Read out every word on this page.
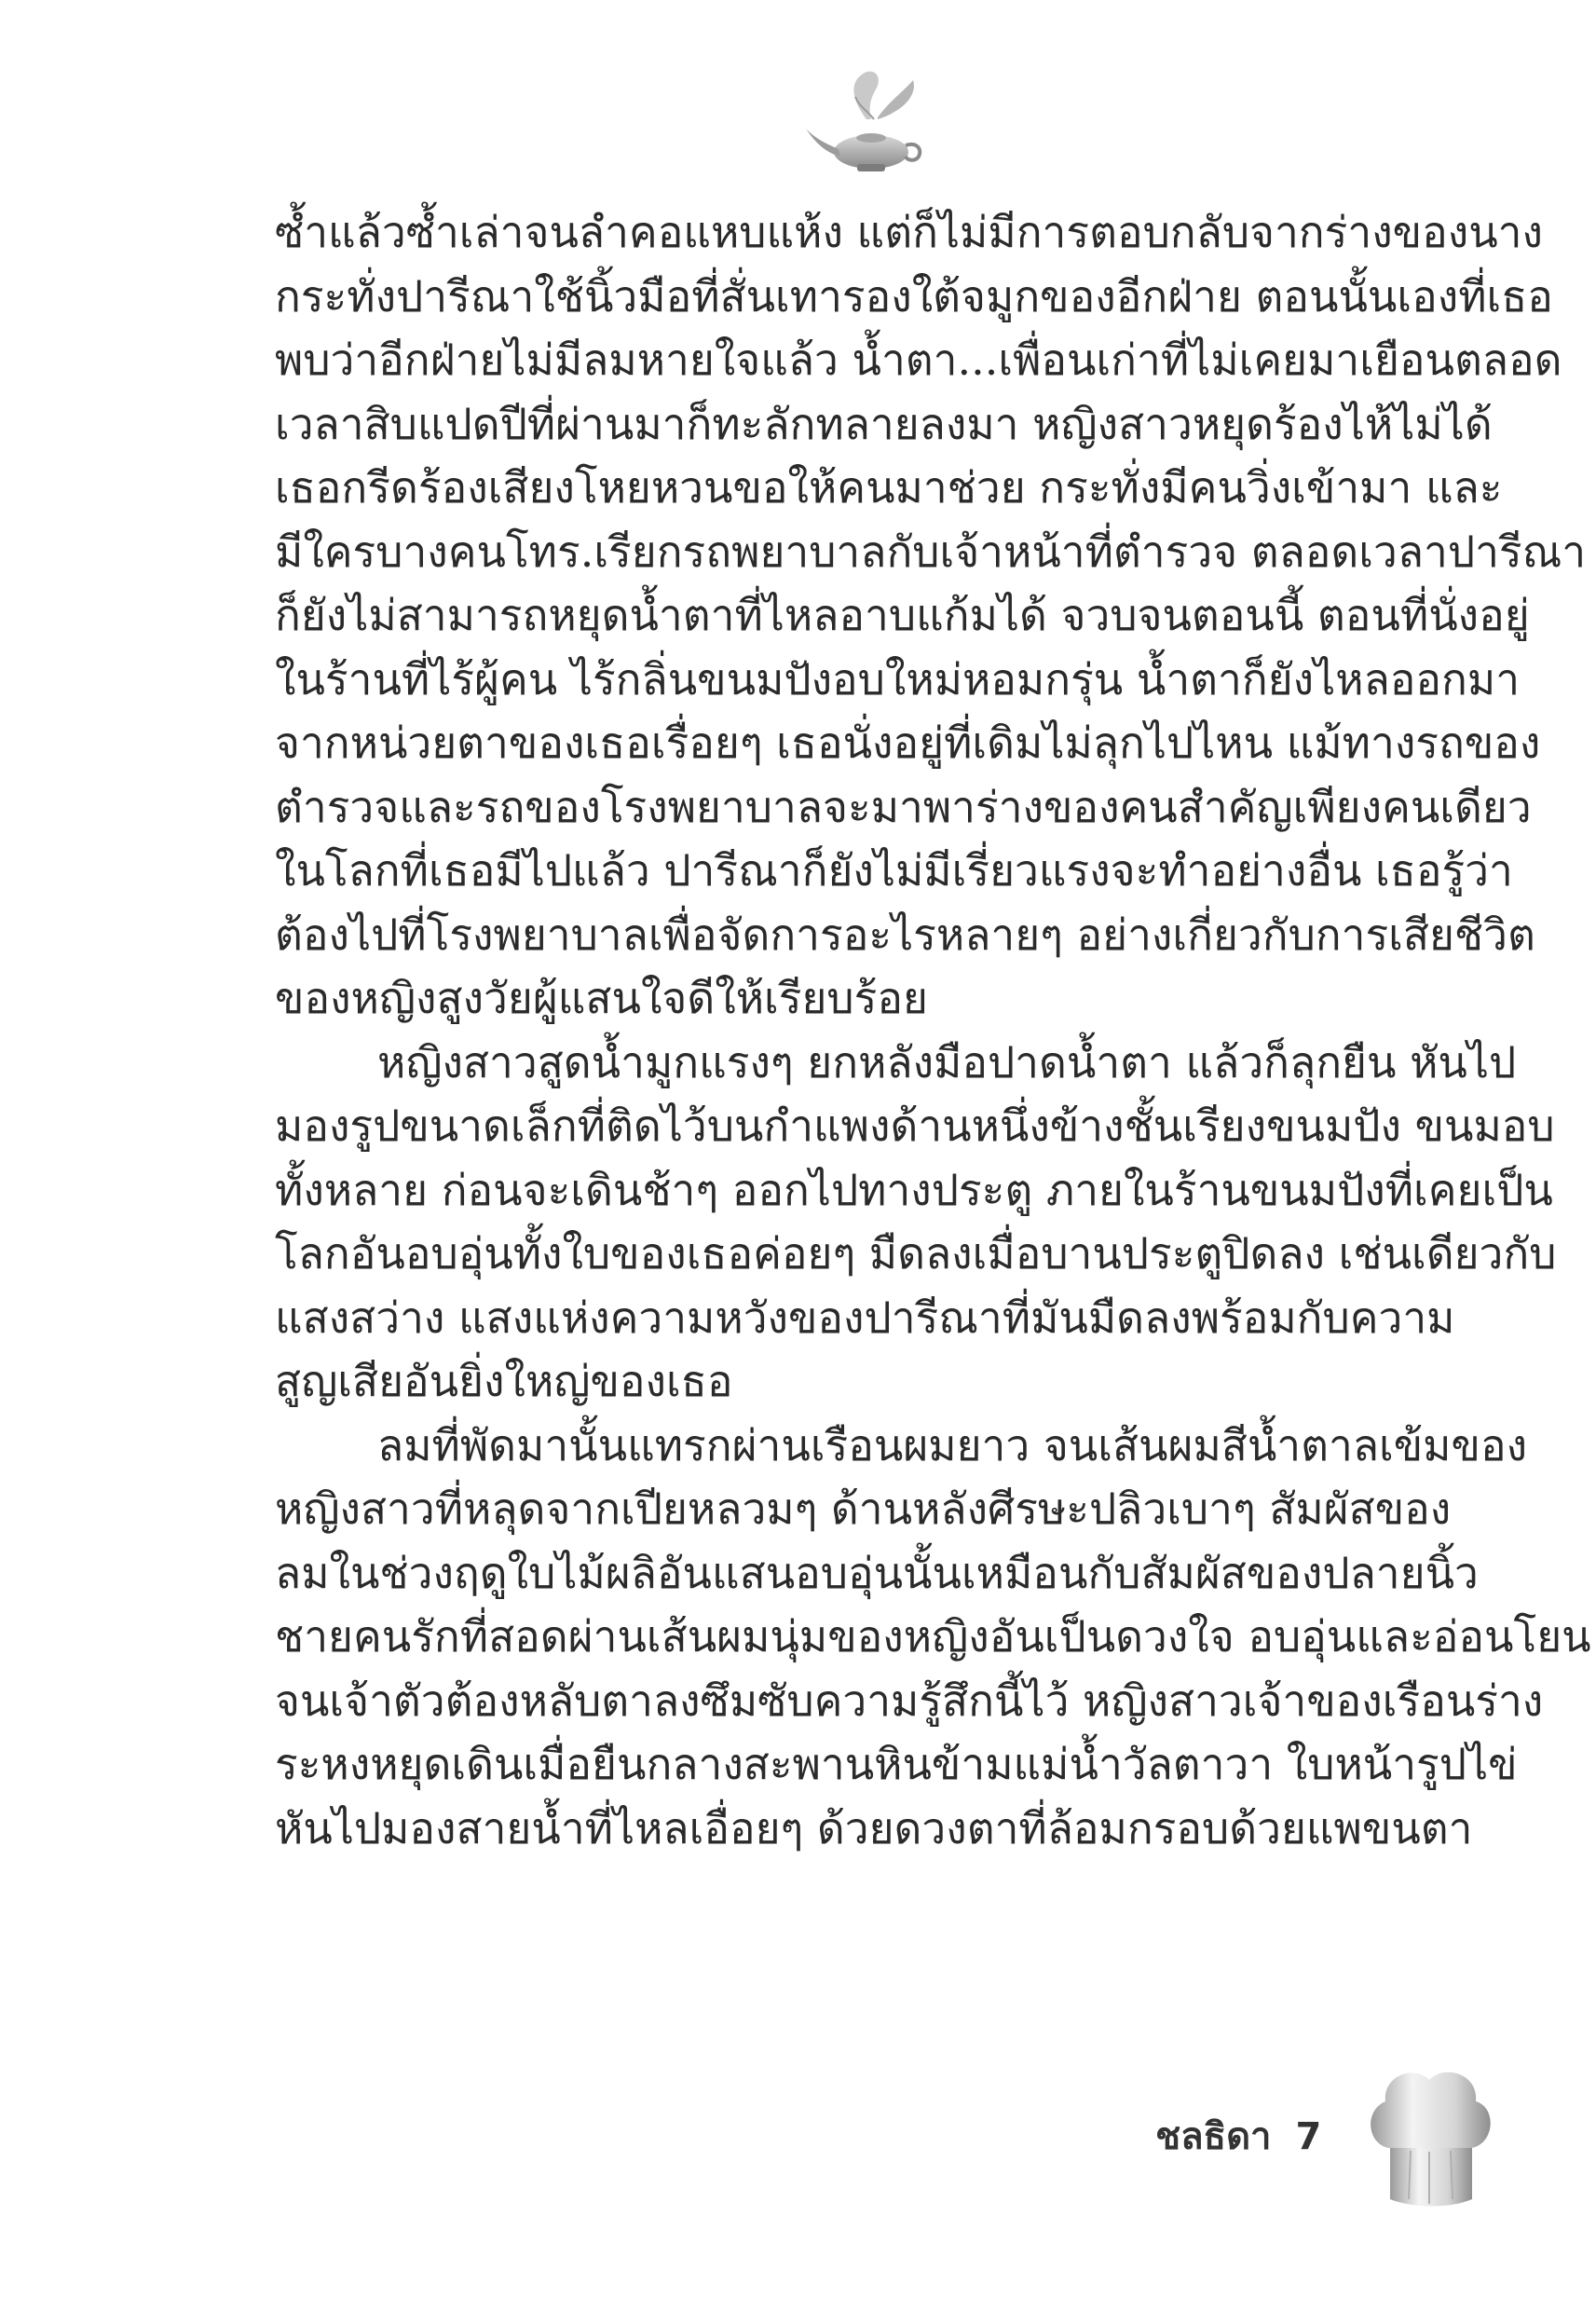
ซ้ำแล้วซ้ำเล่าจนลำคอแหบแห้ง แต่ก็ไม่มีการตอบกลับจากร่างของนาง
กระทั่งปารีณาใช้นิ้วมือที่สั่นเทารองใต้จมูกของอีกฝ่าย ตอนนั้นเองที่เธอ
พบว่าอีกฝ่ายไม่มีลมหายใจแล้ว น้ำตา...เพื่อนเก่าที่ไม่เคยมาเยือนตลอด
เวลาสิบแปดปีที่ผ่านมาก็ทะลักทลายลงมา หญิงสาวหยุดร้องไห้ไม่ได้
เธอกรีดร้องเสียงโหยหวนขอให้คนมาช่วย กระทั่งมีคนวิ่งเข้ามา และ
มีใครบางคนโทร.เรียกรถพยาบาลกับเจ้าหน้าที่ตำรวจ ตลอดเวลาปารีณา
ก็ยังไม่สามารถหยุดน้ำตาที่ไหลอาบแก้มได้ จวบจนตอนนี้ ตอนที่นั่งอยู่
ในร้านที่ไร้ผู้คน ไร้กลิ่นขนมปังอบใหม่หอมกรุ่น น้ำตาก็ยังไหลออกมา
จากหน่วยตาของเธอเรื่อยๆ เธอนั่งอยู่ที่เดิมไม่ลุกไปไหน แม้ทางรถของ
ตำรวจและรถของโรงพยาบาลจะมาพาร่างของคนสำคัญเพียงคนเดียว
ในโลกที่เธอมีไปแล้ว ปารีณาก็ยังไม่มีเรี่ยวแรงจะทำอย่างอื่น เธอรู้ว่า
ต้องไปที่โรงพยาบาลเพื่อจัดการอะไรหลายๆ อย่างเกี่ยวกับการเสียชีวิต
ของหญิงสูงวัยผู้แสนใจดีให้เรียบร้อย
หญิงสาวสูดน้ำมูกแรงๆ ยกหลังมือปาดน้ำตา แล้วก็ลุกยืน หันไป
มองรูปขนาดเล็กที่ติดไว้บนกำแพงด้านหนึ่งข้างชั้นเรียงขนมปัง ขนมอบ
ทั้งหลาย ก่อนจะเดินช้าๆ ออกไปทางประตู ภายในร้านขนมปังที่เคยเป็น
โลกอันอบอุ่นทั้งใบของเธอค่อยๆ มืดลงเมื่อบานประตูปิดลง เช่นเดียวกับ
แสงสว่าง แสงแห่งความหวังของปารีณาที่มันมืดลงพร้อมกับความ
สูญเสียอันยิ่งใหญ่ของเธอ
ลมที่พัดมานั้นแทรกผ่านเรือนผมยาว จนเส้นผมสีน้ำตาลเข้มของ
หญิงสาวที่หลุดจากเปียหลวมๆ ด้านหลังศีรษะปลิวเบาๆ สัมผัสของ
ลมในช่วงฤดูใบไม้ผลิอันแสนอบอุ่นนั้นเหมือนกับสัมผัสของปลายนิ้ว
ชายคนรักที่สอดผ่านเส้นผมนุ่มของหญิงอันเป็นดวงใจ อบอุ่นและอ่อนโยน
จนเจ้าตัวต้องหลับตาลงซึมซับความรู้สึกนี้ไว้ หญิงสาวเจ้าของเรือนร่าง
ระหงหยุดเดินเมื่อยืนกลางสะพานหินข้ามแม่น้ำวัลตาวา ใบหน้ารูปไข่
หันไปมองสายน้ำที่ไหลเอื่อยๆ ด้วยดวงตาที่ล้อมกรอบด้วยแพขนตา
ชลธิดา 7
